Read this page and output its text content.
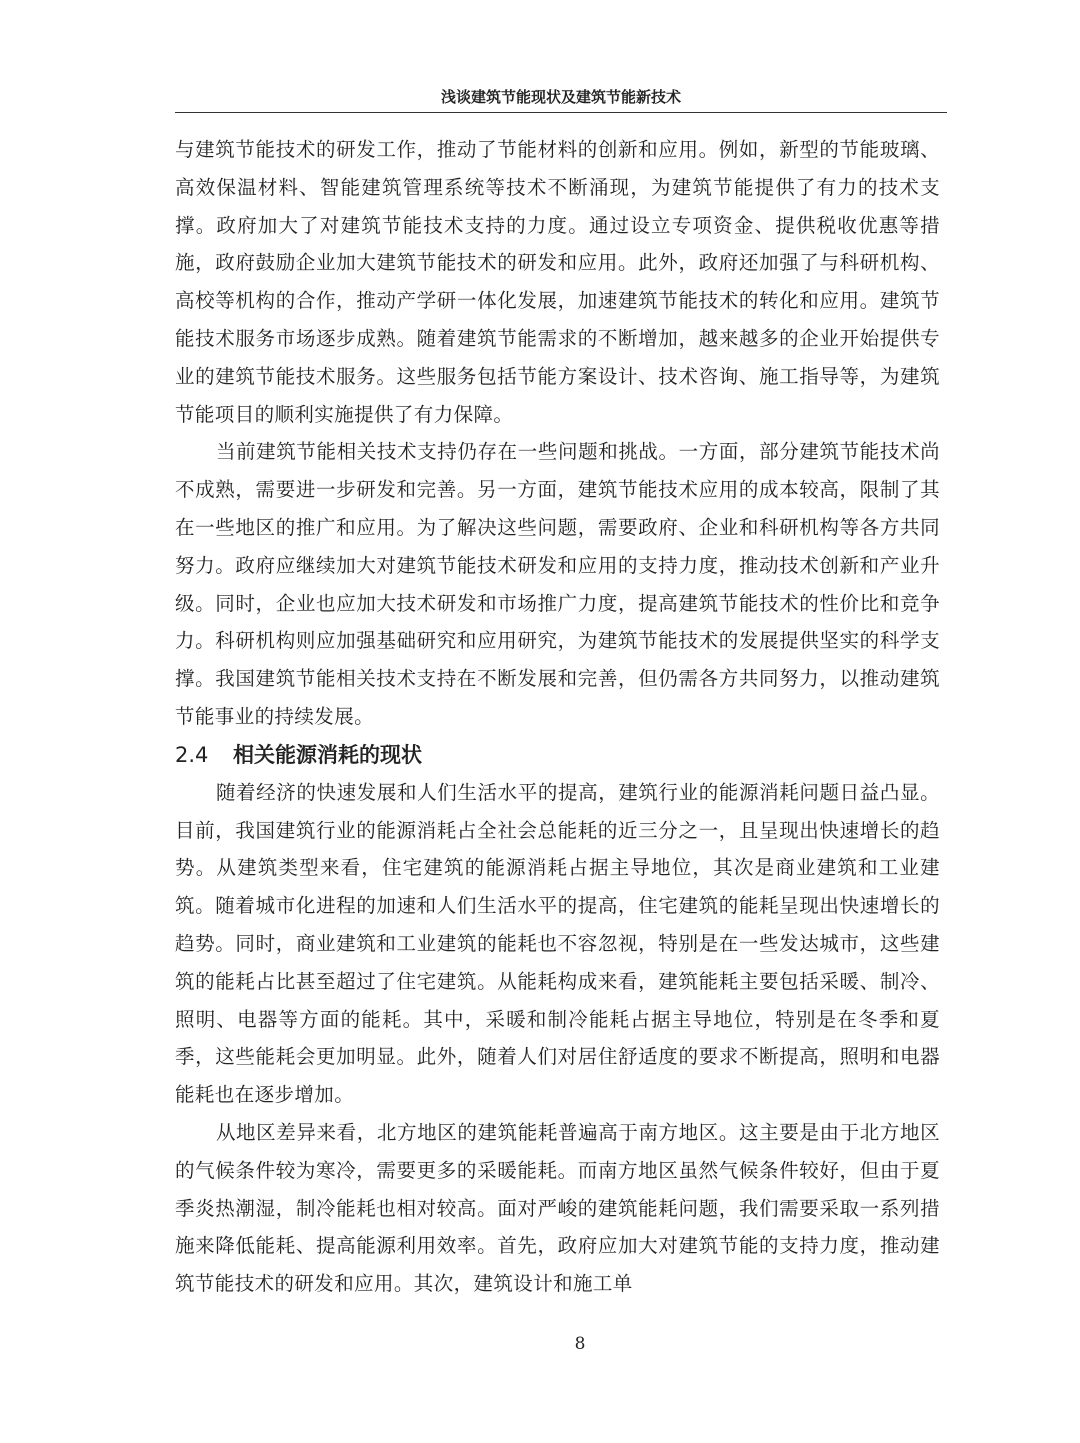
浅谈建筑节能现状及建筑节能新技术

与建筑节能技术的研发工作，推动了节能材料的创新和应用。例如，新型的节能玻璃、高效保温材料、智能建筑管理系统等技术不断涌现，为建筑节能提供了有力的技术支撑。政府加大了对建筑节能技术支持的力度。通过设立专项资金、提供税收优惠等措施，政府鼓励企业加大建筑节能技术的研发和应用。此外，政府还加强了与科研机构、高校等机构的合作，推动产学研一体化发展，加速建筑节能技术的转化和应用。建筑节能技术服务市场逐步成熟。随着建筑节能需求的不断增加，越来越多的企业开始提供专业的建筑节能技术服务。这些服务包括节能方案设计、技术咨询、施工指导等，为建筑节能项目的顺利实施提供了有力保障。

当前建筑节能相关技术支持仍存在一些问题和挑战。一方面，部分建筑节能技术尚不成熟，需要进一步研发和完善。另一方面，建筑节能技术应用的成本较高，限制了其在一些地区的推广和应用。为了解决这些问题，需要政府、企业和科研机构等各方共同努力。政府应继续加大对建筑节能技术研发和应用的支持力度，推动技术创新和产业升级。同时，企业也应加大技术研发和市场推广力度，提高建筑节能技术的性价比和竞争力。科研机构则应加强基础研究和应用研究，为建筑节能技术的发展提供坚实的科学支撑。我国建筑节能相关技术支持在不断发展和完善，但仍需各方共同努力，以推动建筑节能事业的持续发展。

2.4 相关能源消耗的现状

随着经济的快速发展和人们生活水平的提高，建筑行业的能源消耗问题日益凸显。目前，我国建筑行业的能源消耗占全社会总能耗的近三分之一，且呈现出快速增长的趋势。从建筑类型来看，住宅建筑的能源消耗占据主导地位，其次是商业建筑和工业建筑。随着城市化进程的加速和人们生活水平的提高，住宅建筑的能耗呈现出快速增长的趋势。同时，商业建筑和工业建筑的能耗也不容忽视，特别是在一些发达城市，这些建筑的能耗占比甚至超过了住宅建筑。从能耗构成来看，建筑能耗主要包括采暖、制冷、照明、电器等方面的能耗。其中，采暖和制冷能耗占据主导地位，特别是在冬季和夏季，这些能耗会更加明显。此外，随着人们对居住舒适度的要求不断提高，照明和电器能耗也在逐步增加。

从地区差异来看，北方地区的建筑能耗普遍高于南方地区。这主要是由于北方地区的气候条件较为寒冷，需要更多的采暖能耗。而南方地区虽然气候条件较好，但由于夏季炎热潮湿，制冷能耗也相对较高。面对严峻的建筑能耗问题，我们需要采取一系列措施来降低能耗、提高能源利用效率。首先，政府应加大对建筑节能的支持力度，推动建筑节能技术的研发和应用。其次，建筑设计和施工单

8
